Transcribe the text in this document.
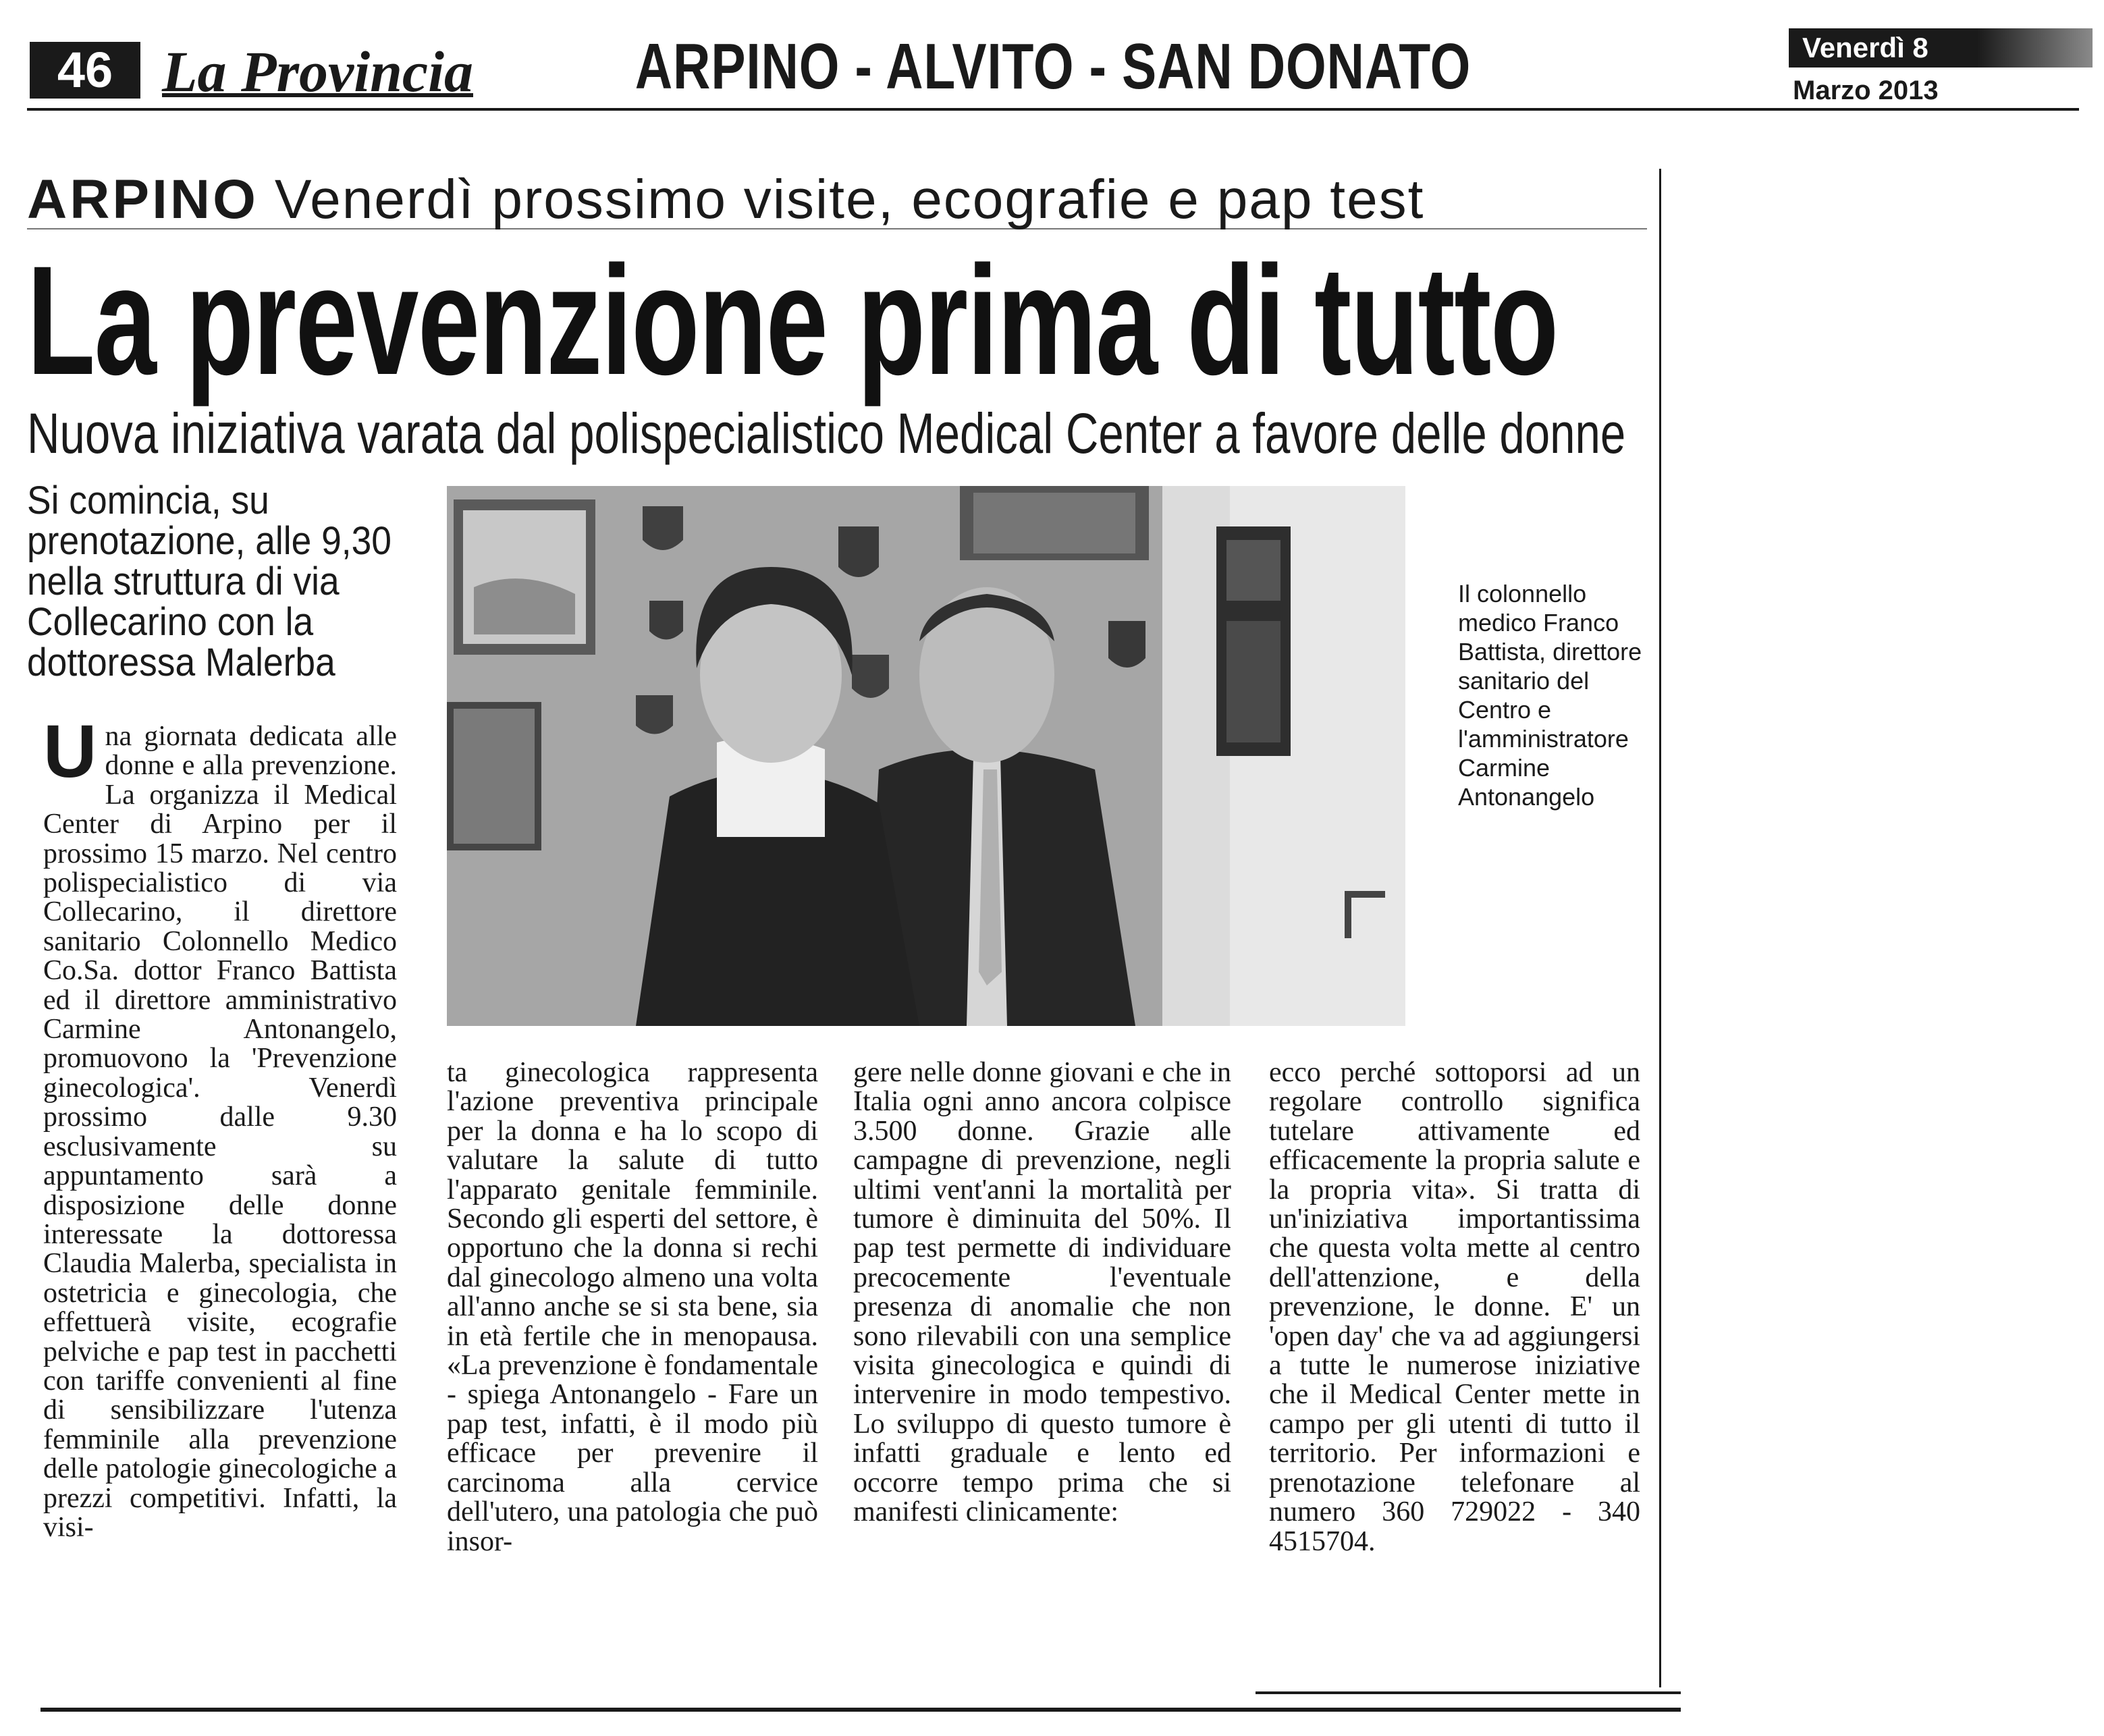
46 La Provincia	ARPINO - ALVITO - SAN DONATO	Venerdì 8
Marzo 2013
ARPINO Venerdì prossimo visite, ecografie e pap test
La prevenzione prima di tutto
Nuova iniziativa varata dal polispecialistico Medical Center a favore delle donne
Si comincia, su prenotazione, alle 9,30 nella struttura di via Collecarino con la dottoressa Malerba
Il colonnello medico Franco Battista, direttore sanitario del Centro e l'amministratore Carmine Antonangelo

Una giornata dedicata alle donne e alla prevenzione. La organizza il Medical Center di Arpino per il prossimo 15 marzo. Nel centro polispecialistico di via Collecarino, il direttore sanitario Colonnello Medico Co.Sa. dottor Franco Battista ed il direttore amministrativo Carmine Antonangelo, promuovono la 'Prevenzione ginecologica'. Venerdì prossimo dalle 9.30 esclusivamente su appuntamento sarà a disposizione delle donne interessate la dottoressa Claudia Malerba, specialista in ostetricia e ginecologia, che effettuerà visite, ecografie pelviche e pap test in pacchetti con tariffe convenienti al fine di sensibilizzare l'utenza femminile alla prevenzione delle patologie ginecologiche a prezzi competitivi. Infatti, la visi-

ta ginecologica rappresenta l'azione preventiva principale per la donna e ha lo scopo di valutare la salute di tutto l'apparato genitale femminile. Secondo gli esperti del settore, è opportuno che la donna si rechi dal ginecologo almeno una volta all'anno anche se si sta bene, sia in età fertile che in menopausa. «La prevenzione è fondamentale - spiega Antonangelo - Fare un pap test, infatti, è il modo più efficace per prevenire il carcinoma alla cervice dell'utero, una patologia che può insor-

gere nelle donne giovani e che in Italia ogni anno ancora colpisce 3.500 donne. Grazie alle campagne di prevenzione, negli ultimi vent'anni la mortalità per tumore è diminuita del 50%. Il pap test permette di individuare precocemente l'eventuale presenza di anomalie che non sono rilevabili con una semplice visita ginecologica e quindi di intervenire in modo tempestivo. Lo sviluppo di questo tumore è infatti graduale e lento ed occorre tempo prima che si manifesti clinicamente:

ecco perché sottoporsi ad un regolare controllo significa tutelare attivamente ed efficacemente la propria salute e la propria vita». Si tratta di un'iniziativa importantissima che questa volta mette al centro dell'attenzione, e della prevenzione, le donne. E' un 'open day' che va ad aggiungersi a tutte le numerose iniziative che il Medical Center mette in campo per gli utenti di tutto il territorio. Per informazioni e prenotazione telefonare al numero 360 729022 - 340 4515704.
